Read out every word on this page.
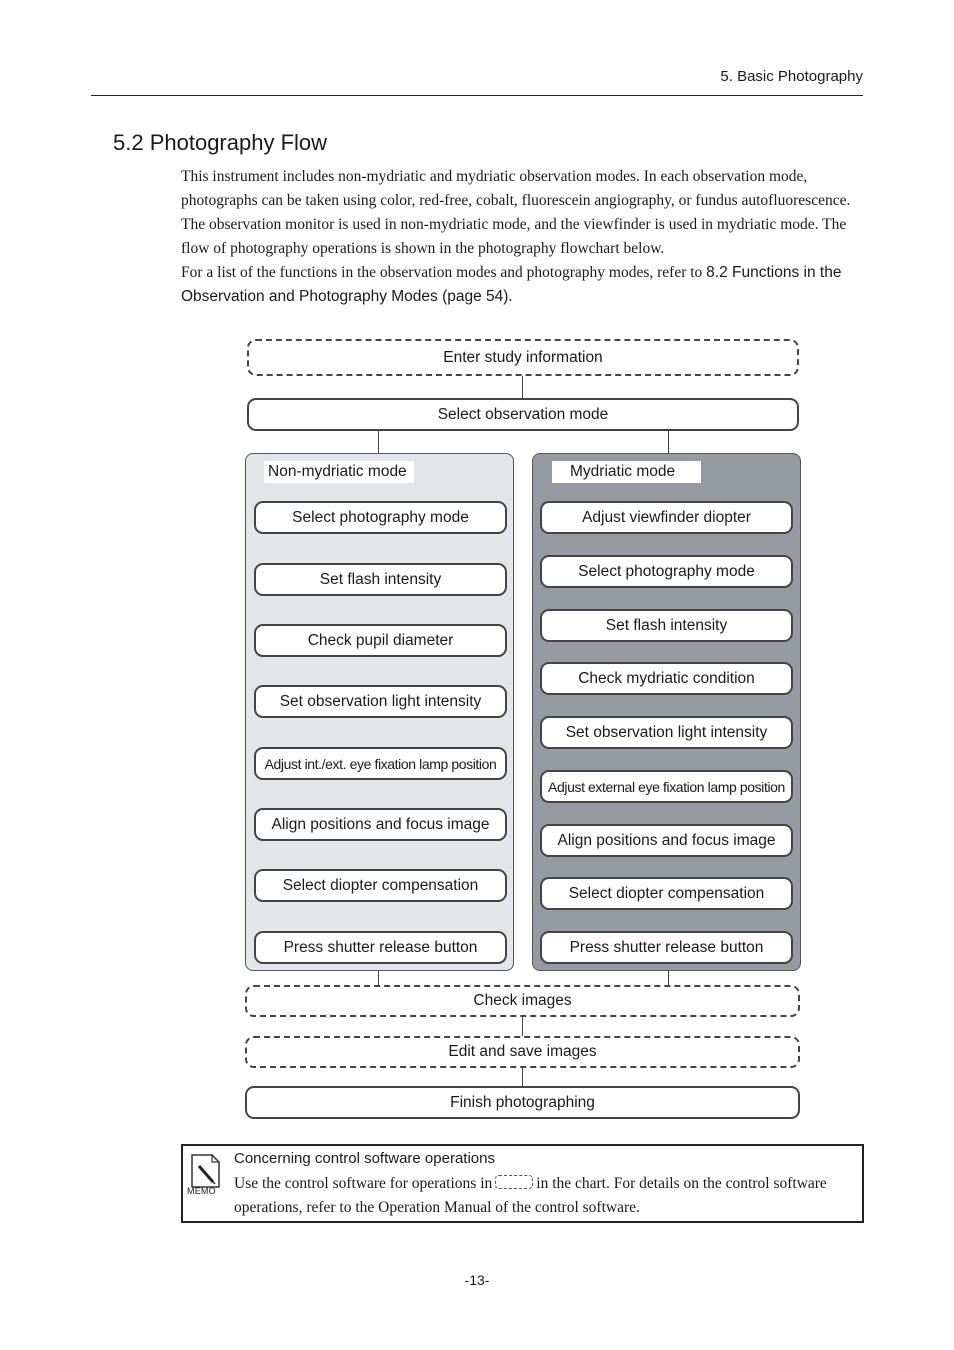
5. Basic Photography
5.2 Photography Flow

This instrument includes non-mydriatic and mydriatic observation modes. In each observation mode, photographs can be taken using color, red-free, cobalt, fluorescein angiography, or fundus autofluorescence. The observation monitor is used in non-mydriatic mode, and the viewfinder is used in mydriatic mode. The flow of photography operations is shown in the photography flowchart below.

For a list of the functions in the observation modes and photography modes, refer to 8.2 Functions in the Observation and Photography Modes (page 54).

Enter study information
Select observation mode
Non-mydriatic mode
Select photography mode
Set flash intensity
Check pupil diameter
Set observation light intensity
Adjust int./ext. eye fixation lamp position
Align positions and focus image
Select diopter compensation
Press shutter release button
Mydriatic mode
Adjust viewfinder diopter
Select photography mode
Set flash intensity
Check mydriatic condition
Set observation light intensity
Adjust external eye fixation lamp position
Align positions and focus image
Select diopter compensation
Press shutter release button
Check images
Edit and save images
Finish photographing
MEMO
Concerning control software operations
Use the control software for operations in	in the chart. For details on the control software operations, refer to the Operation Manual of the control software.
-13-
